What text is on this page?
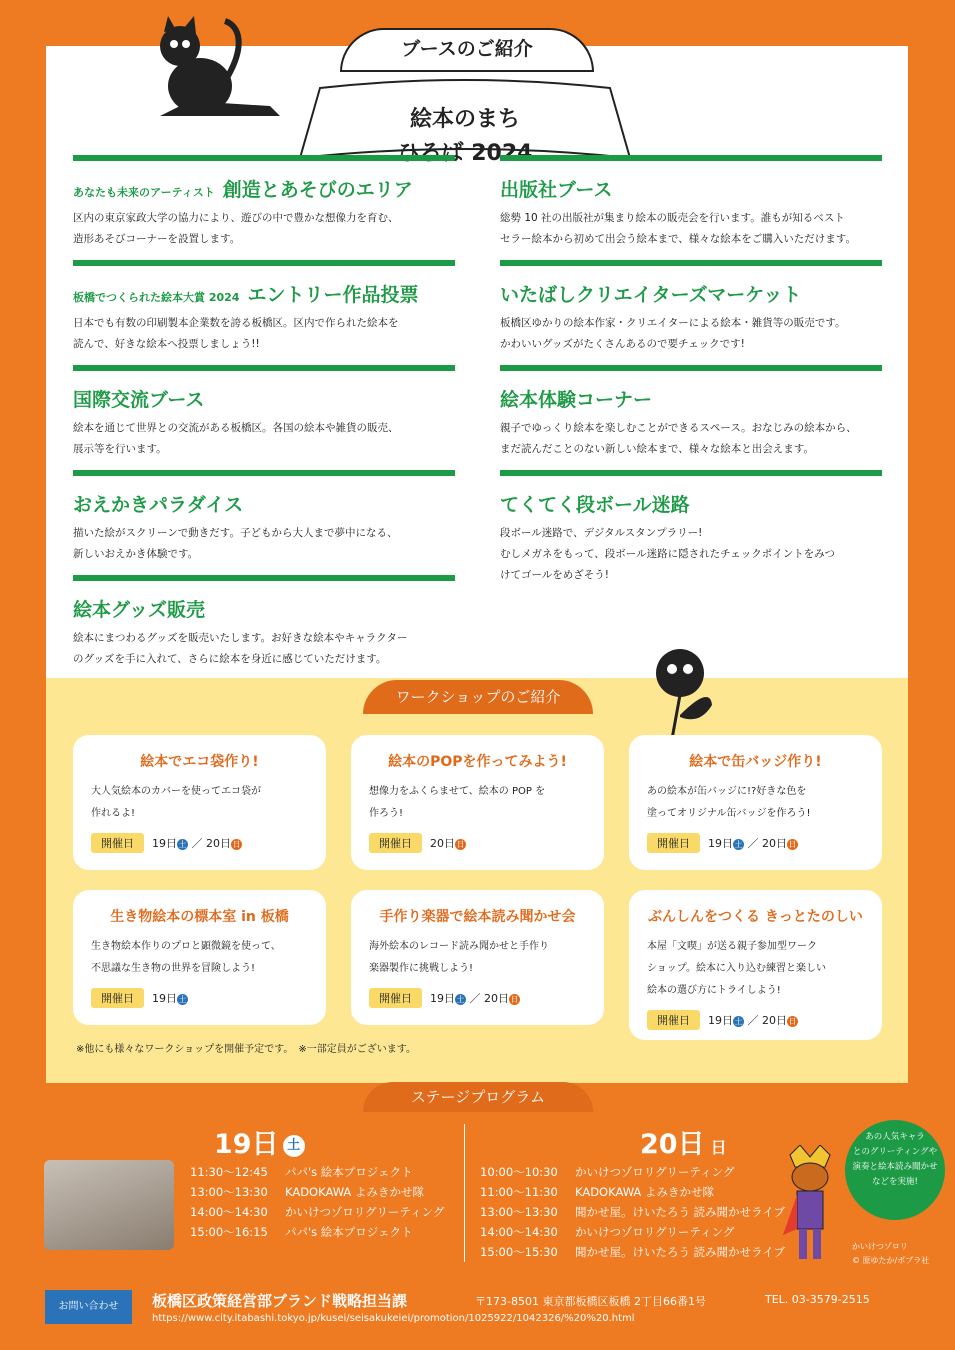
ブースのご紹介
絵本のまち
ひろば 2024
あなたも未来のアーティスト 創造とあそびのエリア

区内の東京家政大学の協力により、遊びの中で豊かな想像力を育む、

造形あそびコーナーを設置します。

出版社ブース

総勢 10 社の出版社が集まり絵本の販売会を行います。誰もが知るベスト

セラー絵本から初めて出会う絵本まで、様々な絵本をご購入いただけます。

板橋でつくられた絵本大賞 2024 エントリー作品投票

日本でも有数の印刷製本企業数を誇る板橋区。区内で作られた絵本を

読んで、好きな絵本へ投票しましょう!!

いたばしクリエイターズマーケット

板橋区ゆかりの絵本作家・クリエイターによる絵本・雑貨等の販売です。

かわいいグッズがたくさんあるので要チェックです!

国際交流ブース

絵本を通じて世界との交流がある板橋区。各国の絵本や雑貨の販売、

展示等を行います。

絵本体験コーナー

親子でゆっくり絵本を楽しむことができるスペース。おなじみの絵本から、

まだ読んだことのない新しい絵本まで、様々な絵本と出会えます。

おえかきパラダイス

描いた絵がスクリーンで動きだす。子どもから大人まで夢中になる、

新しいおえかき体験です。

てくてく段ボール迷路

段ボール迷路で、デジタルスタンプラリー!

むしメガネをもって、段ボール迷路に隠されたチェックポイントをみつ

けてゴールをめざそう!

絵本グッズ販売

絵本にまつわるグッズを販売いたします。お好きな絵本やキャラクター

のグッズを手に入れて、さらに絵本を身近に感じていただけます。

ワークショップのご紹介
絵本でエコ袋作り!

大人気絵本のカバーを使ってエコ袋が

作れるよ!

開催日 19日 土 ／ 20日 日
絵本のPOPを作ってみよう!

想像力をふくらませて、絵本の POP を

作ろう!

開催日 20日 日
絵本で缶バッジ作り!

あの絵本が缶バッジに!?好きな色を

塗ってオリジナル缶バッジを作ろう!

開催日 19日 土 ／ 20日 日
生き物絵本の標本室 in 板橋

生き物絵本作りのプロと顕微鏡を使って、

不思議な生き物の世界を冒険しよう!

開催日 19日 土
手作り楽器で絵本読み聞かせ会

海外絵本のレコード読み聞かせと手作り

楽器製作に挑戦しよう!

開催日 19日 土 ／ 20日 日
ぶんしんをつくる きっとたのしい

本屋「文喫」が送る親子参加型ワーク

ショップ。絵本に入り込む練習と楽しい

絵本の選び方にトライしよう!

開催日 19日 土 ／ 20日 日
※他にも様々なワークショップを開催予定です。　※一部定員がございます。
ステージプログラム
19日 土	20日 日
11:30〜12:45 パパ's 絵本プロジェクト
13:00〜13:30 KADOKAWA よみきかせ隊
14:00〜14:30 かいけつゾロリグリーティング
15:00〜16:15 パパ's 絵本プロジェクト
10:00〜10:30 かいけつゾロリグリーティング
11:00〜11:30 KADOKAWA よみきかせ隊
13:00〜13:30 聞かせ屋。けいたろう 読み聞かせライブ
14:00〜14:30 かいけつゾロリグリーティング
15:00〜15:30 聞かせ屋。けいたろう 読み聞かせライブ
あの人気キャラ
とのグリーティングや
演奏と絵本読み聞かせ
などを実施!
かいけつゾロリ
© 原ゆたか/ポプラ社
お問い合わせ	板橋区政策経営部ブランド戦略担当課	〒173-8501 東京都板橋区板橋 2丁目66番1号	TEL. 03-3579-2515
https://www.city.itabashi.tokyo.jp/kusei/seisakukeiei/promotion/1025922/1042326/%20%20.html
